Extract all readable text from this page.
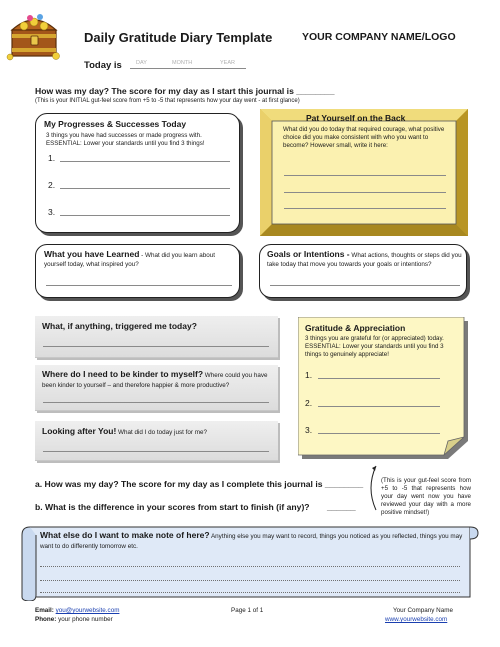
Daily Gratitude Diary Template	YOUR COMPANY NAME/LOGO
Today is	DAY	MONTH	YEAR
How was my day? The score for my day as I start this journal is ________
(This is your INITIAL gut-feel score from +5 to -5 that represents how your day went - at first glance)
My Progresses & Successes Today
3 things you have had successes or made progress with. ESSENTIAL: Lower your standards until you find 3 things!
1.
2.
3.
Pat Yourself on the Back
What did you do today that required courage, what positive choice did you make consistent with who you want to become? However small, write it here:
What you have Learned - What did you learn about yourself today, what inspired you?
Goals or Intentions - What actions, thoughts or steps did you take today that move you towards your goals or intentions?
What, if anything, triggered me today?
Where do I need to be kinder to myself? Where could you have been kinder to yourself – and therefore happier & more productive?
Looking after You! What did I do today just for me?
Gratitude & Appreciation
3 things you are grateful for (or appreciated) today. ESSENTIAL: Lower your standards until you find 3 things to genuinely appreciate!
1.
2.
3.
a. How was my day? The score for my day as I complete this journal is ________
b. What is the difference in your scores from start to finish (if any)? ______
(This is your gut-feel score from +5 to -5 that represents how your day went now you have reviewed your day with a more positive mindset!)
What else do I want to make note of here? Anything else you may want to record, things you noticed as you reflected, things you may want to do differently tomorrow etc.
Email: you@yourwebsite.com
Phone: your phone number
Page 1 of 1	Your Company Name
www.yourwebsite.com
